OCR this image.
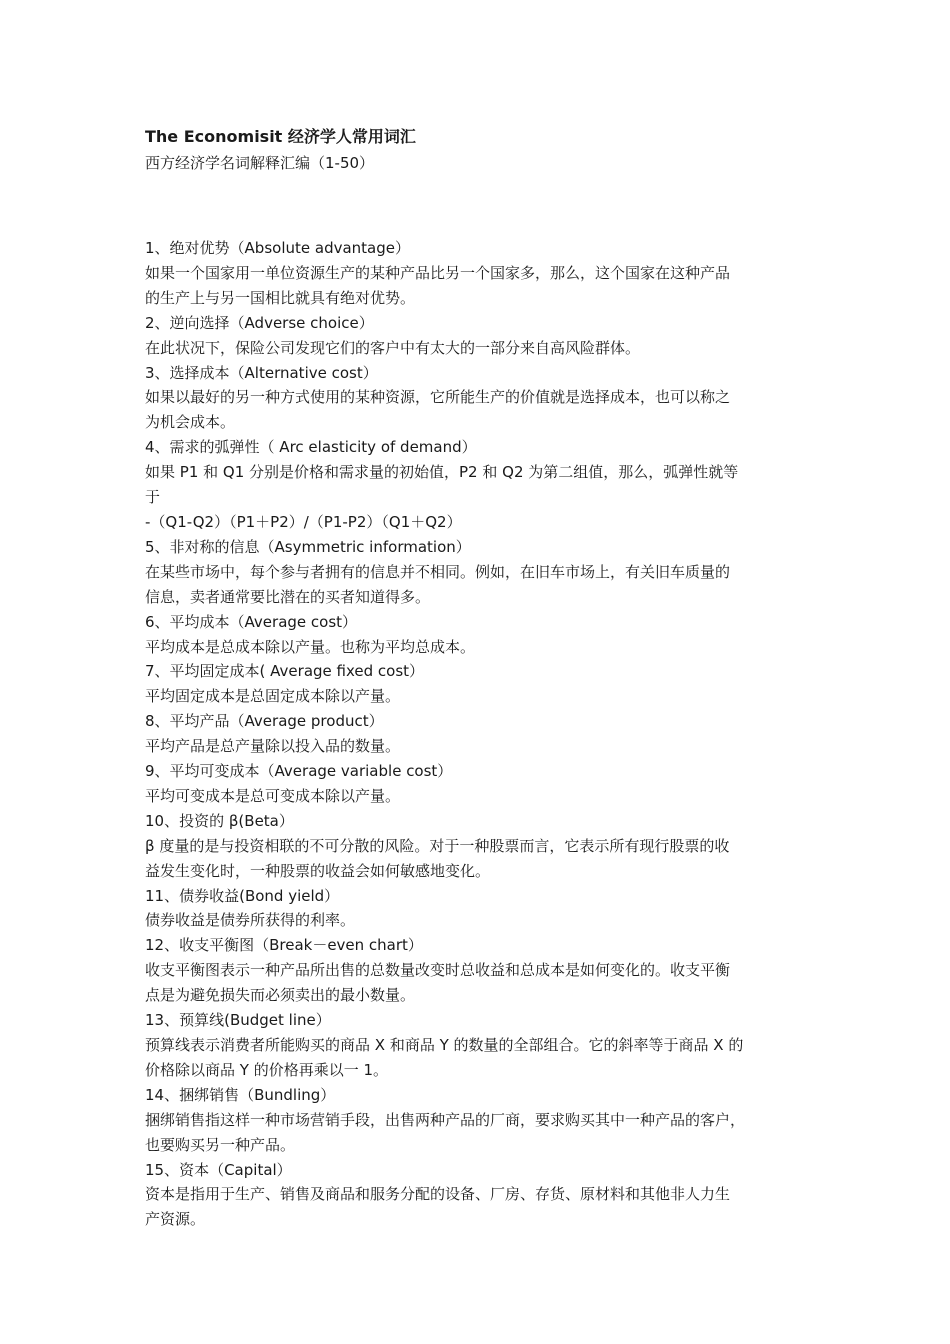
The Economisit 经济学人常用词汇

西方经济学名词解释汇编（1-50）

1、绝对优势（Absolute advantage）

如果一个国家用一单位资源生产的某种产品比另一个国家多，那么，这个国家在这种产品

的生产上与另一国相比就具有绝对优势。

2、逆向选择（Adverse choice）

在此状况下，保险公司发现它们的客户中有太大的一部分来自高风险群体。

3、选择成本（Alternative cost）

如果以最好的另一种方式使用的某种资源，它所能生产的价值就是选择成本，也可以称之

为机会成本。

4、需求的弧弹性（ Arc elasticity of demand）

如果 P1 和 Q1 分别是价格和需求量的初始值，P2 和 Q2 为第二组值，那么，弧弹性就等

于

-（Q1-Q2）（P1＋P2）/（P1-P2）（Q1＋Q2）

5、非对称的信息（Asymmetric information）

在某些市场中，每个参与者拥有的信息并不相同。例如，在旧车市场上，有关旧车质量的

信息，卖者通常要比潜在的买者知道得多。

6、平均成本（Average cost）

平均成本是总成本除以产量。也称为平均总成本。

7、平均固定成本( Average fixed cost）

平均固定成本是总固定成本除以产量。

8、平均产品（Average product）

平均产品是总产量除以投入品的数量。

9、平均可变成本（Average variable cost）

平均可变成本是总可变成本除以产量。

10、投资的 β(Beta）

β 度量的是与投资相联的不可分散的风险。对于一种股票而言，它表示所有现行股票的收

益发生变化时，一种股票的收益会如何敏感地变化。

11、债券收益(Bond yield）

债券收益是债券所获得的利率。

12、收支平衡图（Break－even chart）

收支平衡图表示一种产品所出售的总数量改变时总收益和总成本是如何变化的。收支平衡

点是为避免损失而必须卖出的最小数量。

13、预算线(Budget line）

预算线表示消费者所能购买的商品 X 和商品 Y 的数量的全部组合。它的斜率等于商品 X 的

价格除以商品 Y 的价格再乘以一 1。

14、捆绑销售（Bundling）

捆绑销售指这样一种市场营销手段，出售两种产品的厂商，要求购买其中一种产品的客户，

也要购买另一种产品。

15、资本（Capital）

资本是指用于生产、销售及商品和服务分配的设备、厂房、存货、原材料和其他非人力生

产资源。
